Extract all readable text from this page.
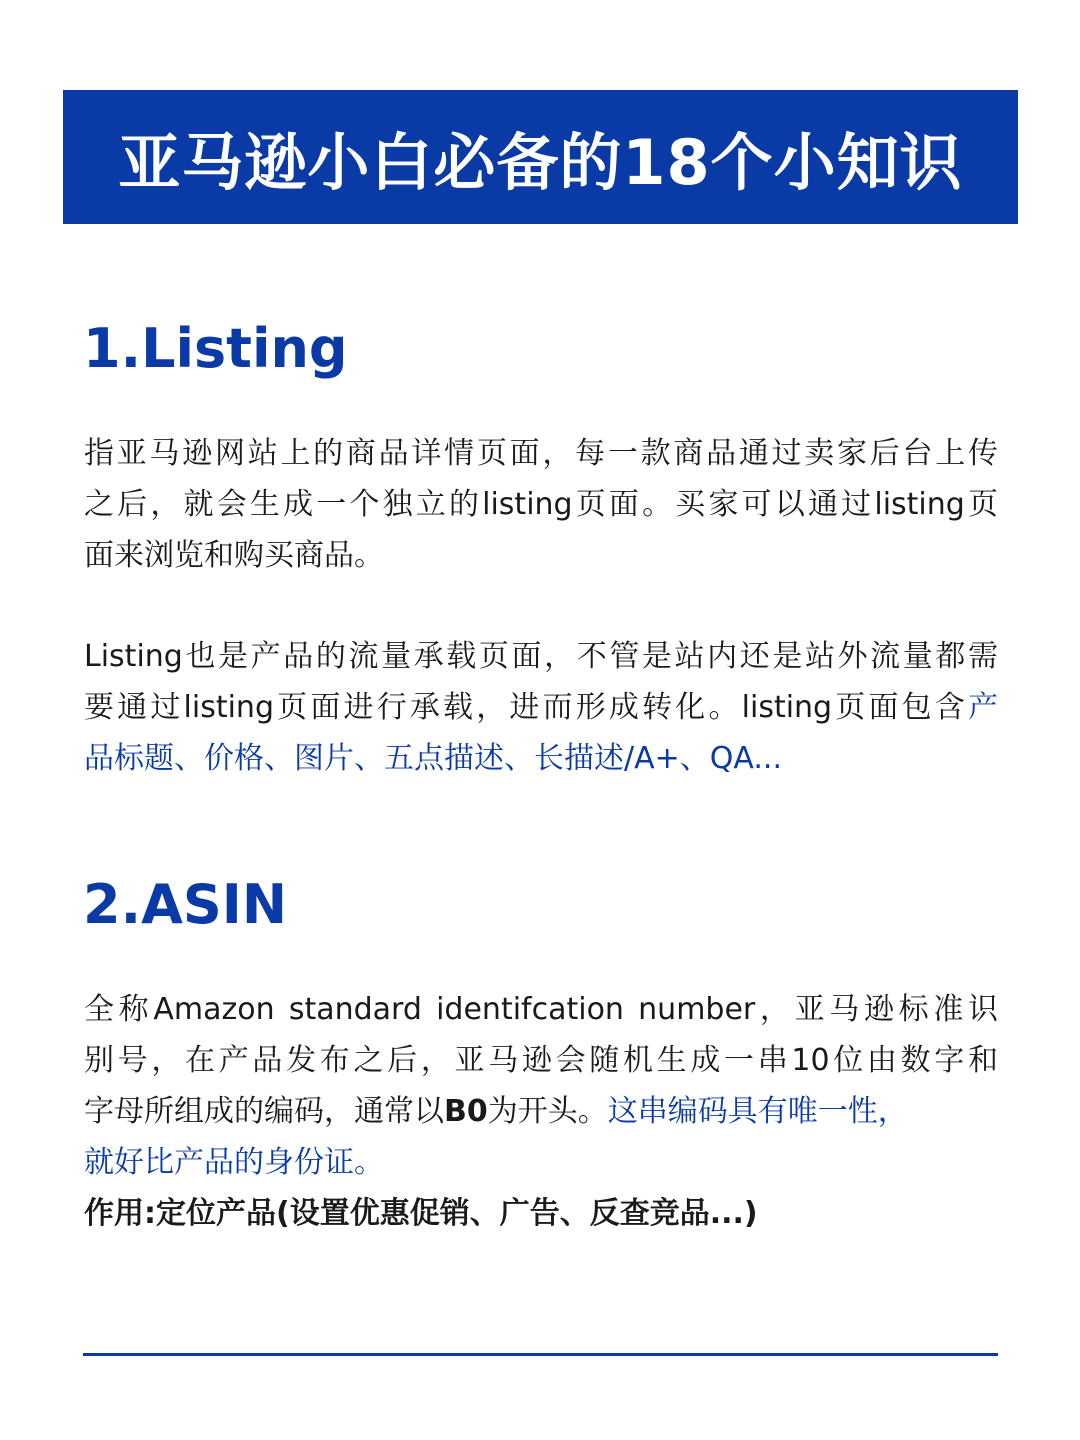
亚马逊小白必备的18个小知识
1.Listing
指亚马逊网站上的商品详情页面，每一款商品通过卖家后台上传
之后，就会生成一个独立的listing页面。买家可以通过listing页
面来浏览和购买商品。
Listing也是产品的流量承载页面，不管是站内还是站外流量都需
要通过listing页面进行承载，进而形成转化。listing页面包含产
品标题、价格、图片、五点描述、长描述/A+、QA...
2.ASIN
全称Amazon standard identifcation number，亚马逊标准识
别号，在产品发布之后，亚马逊会随机生成一串10位由数字和
字母所组成的编码，通常以B0为开头。这串编码具有唯一性，
就好比产品的身份证。
作用:定位产品(设置优惠促销、广告、反查竞品...)
